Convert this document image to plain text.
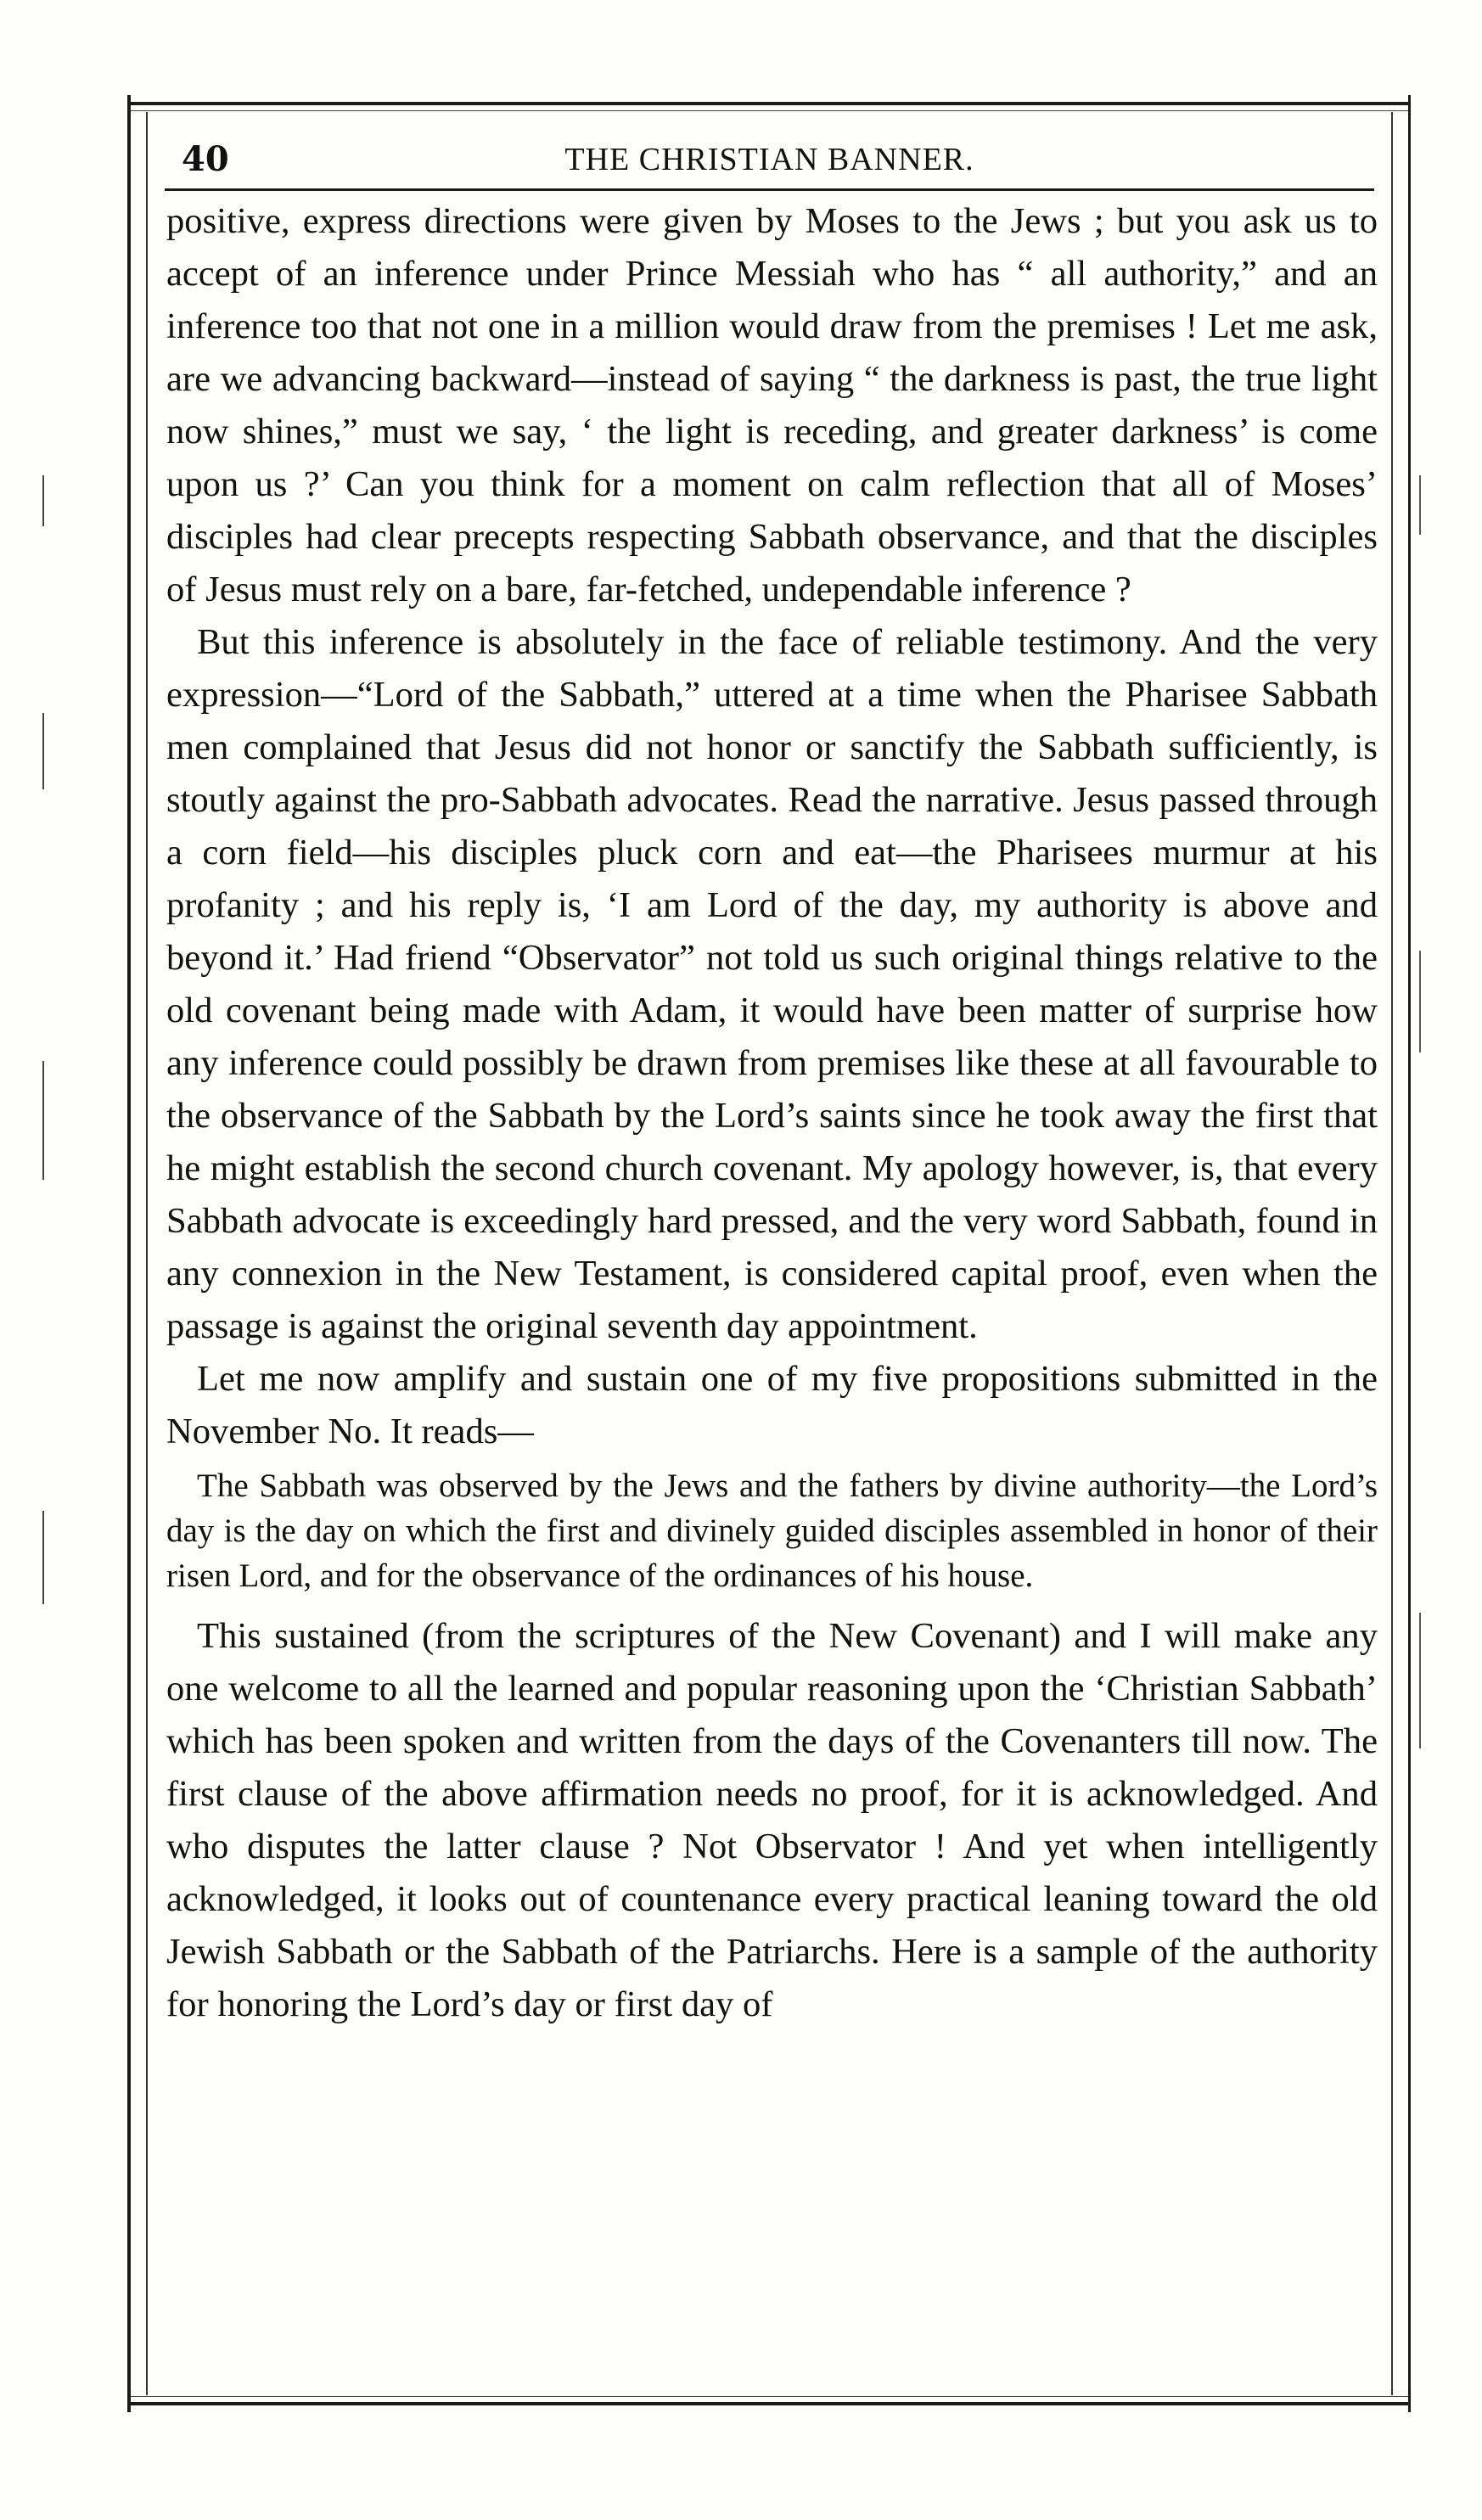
40	THE CHRISTIAN BANNER.

positive, express directions were given by Moses to the Jews ; but you ask us to accept of an inference under Prince Messiah who has “ all authority,” and an inference too that not one in a million would draw from the premises ! Let me ask, are we advancing backward—instead of saying “ the darkness is past, the true light now shines,” must we say, ‘ the light is receding, and greater darkness’ is come upon us ?’ Can you think for a moment on calm reflection that all of Moses’ disciples had clear precepts respecting Sabbath observance, and that the disciples of Jesus must rely on a bare, far-fetched, undependable inference ?

But this inference is absolutely in the face of reliable testimony. And the very expression—“Lord of the Sabbath,” uttered at a time when the Pharisee Sabbath men complained that Jesus did not honor or sanctify the Sabbath sufficiently, is stoutly against the pro-Sabbath advocates. Read the narrative. Jesus passed through a corn field—his disciples pluck corn and eat—the Pharisees murmur at his profanity ; and his reply is, ‘I am Lord of the day, my authority is above and beyond it.’ Had friend “Observator” not told us such original things relative to the old covenant being made with Adam, it would have been matter of surprise how any inference could possibly be drawn from premises like these at all favourable to the observance of the Sabbath by the Lord’s saints since he took away the first that he might establish the second church covenant. My apology however, is, that every Sabbath advocate is exceedingly hard pressed, and the very word Sabbath, found in any connexion in the New Testament, is considered capital proof, even when the passage is against the original seventh day appointment.

Let me now amplify and sustain one of my five propositions submitted in the November No. It reads—

The Sabbath was observed by the Jews and the fathers by divine authority—the Lord’s day is the day on which the first and divinely guided disciples assembled in honor of their risen Lord, and for the observance of the ordinances of his house.

This sustained (from the scriptures of the New Covenant) and I will make any one welcome to all the learned and popular reasoning upon the ‘Christian Sabbath’ which has been spoken and written from the days of the Covenanters till now. The first clause of the above affirmation needs no proof, for it is acknowledged. And who disputes the latter clause ? Not Observator ! And yet when intelligently acknowledged, it looks out of countenance every practical leaning toward the old Jewish Sabbath or the Sabbath of the Patriarchs. Here is a sample of the authority for honoring the Lord’s day or first day of
